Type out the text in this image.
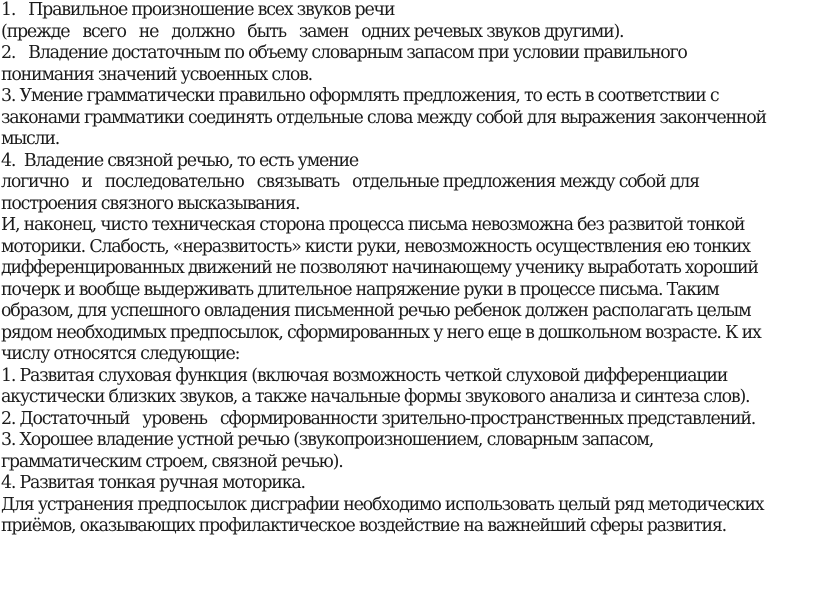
1.   Правильное произношение всех звуков речи
(прежде   всего   не   должно   быть   замен   одних речевых звуков другими).
2.   Владение достаточным по объему словарным запасом при условии правильного
понимания значений усвоенных слов.
3. Умение грамматически правильно оформлять предложения, то есть в соответствии с
законами грамматики соединять отдельные слова между собой для выражения законченной
мысли.
4.  Владение связной речью, то есть умение
логично   и   последовательно   связывать   отдельные предложения между собой для
построения связного высказывания.
И, наконец, чисто техническая сторона процесса письма невозможна без развитой тонкой
моторики. Слабость, «неразвитость» кисти руки, невозможность осуществления ею тонких
дифференцированных движений не позволяют начинающему ученику выработать хороший
почерк и вообще выдерживать длительное напряжение руки в процессе письма. Таким
образом, для успешного овладения письменной речью ребенок должен располагать целым
рядом необходимых предпосылок, сформированных у него еще в дошкольном возрасте. К их
числу относятся следующие:
1. Развитая слуховая функция (включая возможность четкой слуховой дифференциации
акустически близких звуков, а также начальные формы звукового анализа и синтеза слов).
2. Достаточный   уровень   сформированности зрительно-пространственных представлений.
3. Хорошее владение устной речью (звукопроизношением, словарным запасом,
грамматическим строем, связной речью).
4. Развитая тонкая ручная моторика.
Для устранения предпосылок дисграфии необходимо использовать целый ряд методических
приёмов, оказывающих профилактическое воздействие на важнейший сферы развития.
